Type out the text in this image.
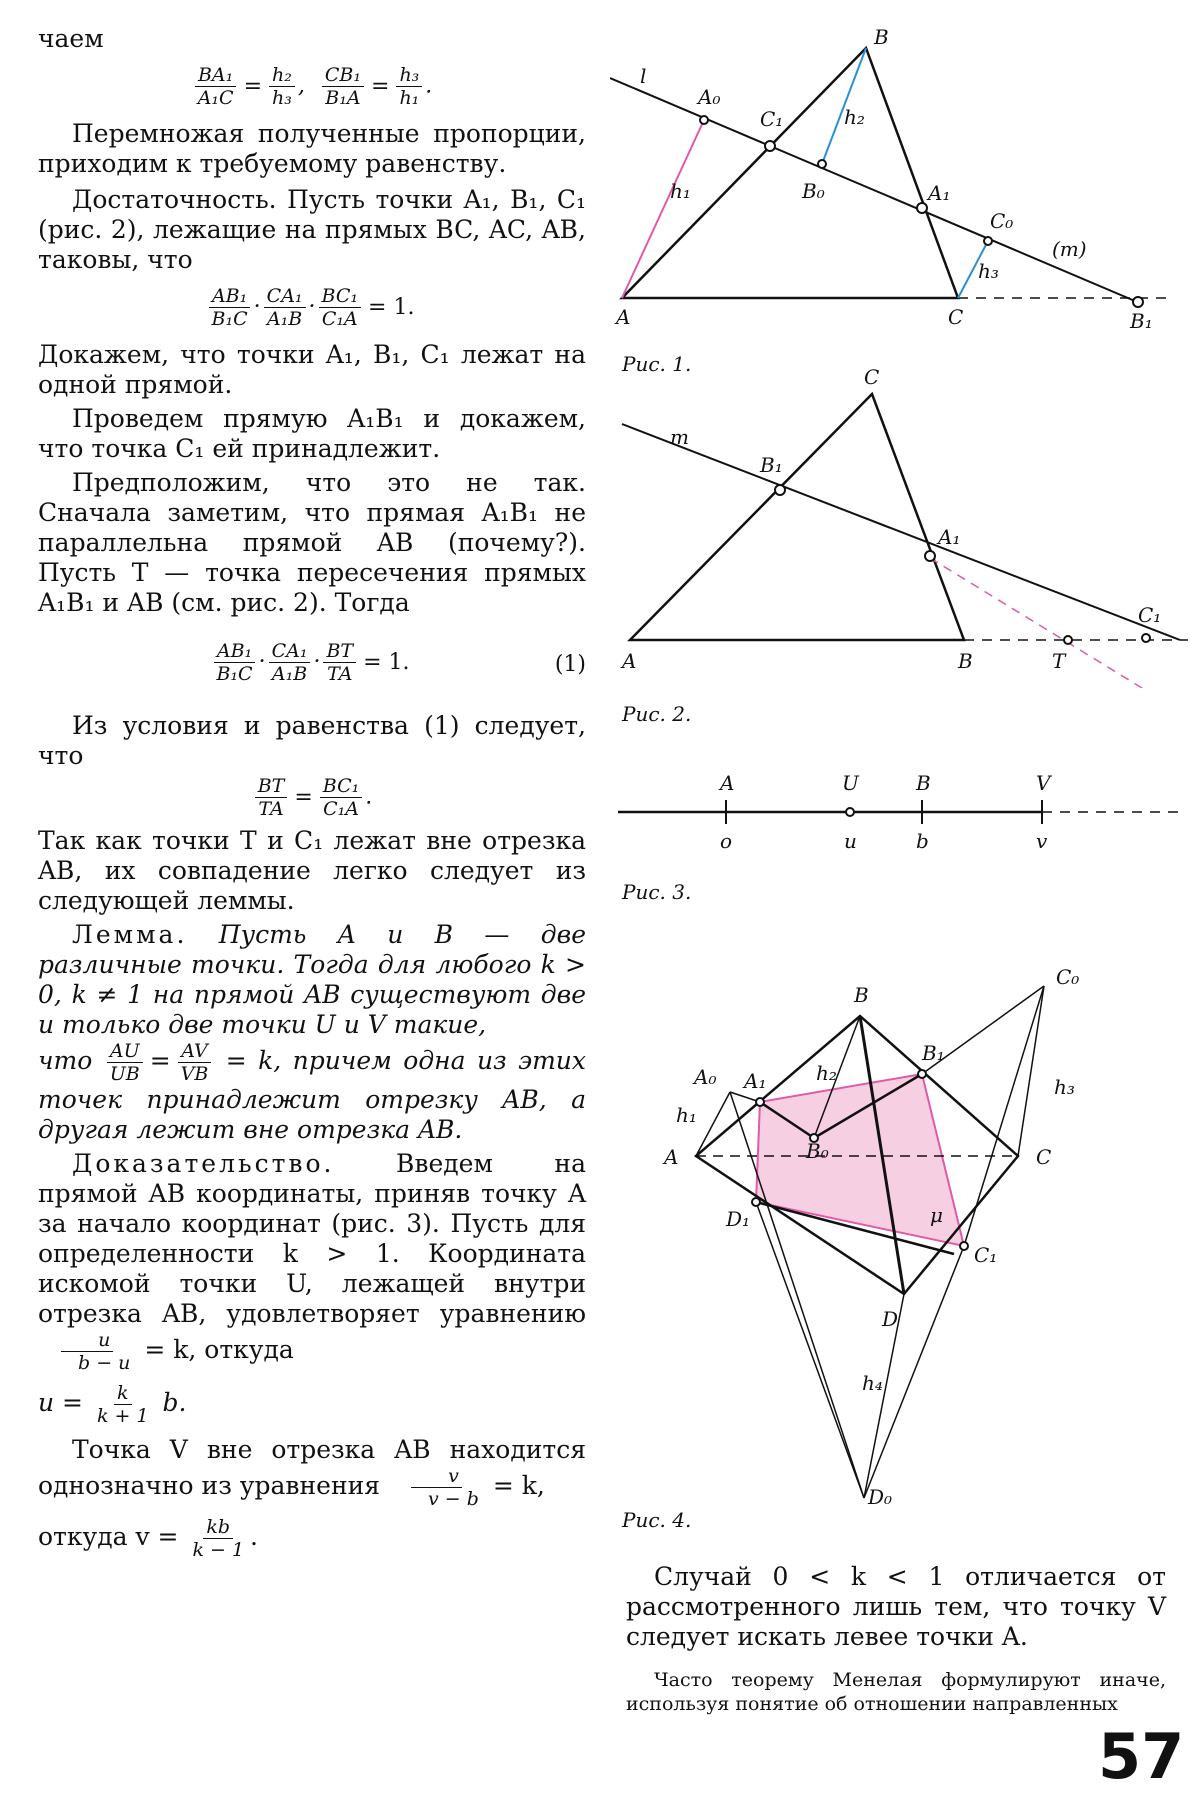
чаем

$\frac{\text{BA₁}}{\text{A₁C}} = \frac{\text{h₂}}{\text{h₃}}$ , $\frac{\text{CB₁}}{\text{B₁A}} = \frac{\text{h₃}}{\text{h₁}}$ .

Перемножая полученные пропорции, приходим к требуемому равенству.

Достаточность. Пусть точки A₁, B₁, C₁ (рис. 2), лежащие на прямых BC, AC, AB, таковы, что

$\frac{\text{AB₁}}{\text{B₁C}} \cdot \frac{\text{CA₁}}{\text{A₁B}} \cdot \frac{\text{BC₁}}{\text{C₁A}} = 1$.

Докажем, что точки A₁, B₁, C₁ лежат на одной прямой.

Проведем прямую A₁B₁ и докажем, что точка C₁ ей принадлежит.

Предположим, что это не так. Сначала заметим, что прямая A₁B₁ не параллельна прямой AB (почему?). Пусть T — точка пересечения прямых A₁B₁ и AB (см. рис. 2). Тогда

$\frac{\text{AB₁}}{\text{B₁C}} \cdot \frac{\text{CA₁}}{\text{A₁B}} \cdot \frac{BT}{TA} = 1$.	(1)

Из условия и равенства (1) следует, что

$\frac{BT}{TA} = \frac{\text{BC₁}}{\text{C₁A}}$ .

Так как точки T и C₁ лежат вне отрезка AB, их совпадение легко следует из следующей леммы.

Лемма. Пусть A и B — две различные точки. Тогда для любого k > 0, k ≠ 1 на прямой AB существуют две и только две точки U и V такие,

что $\frac{AU}{UB} = \frac{AV}{VB} = k$, причем одна из этих точек принадлежит отрезку AB, а другая лежит вне отрезка AB.

Доказательство. Введем на прямой AB координаты, приняв точку A за начало координат (рис. 3). Пусть для определенности k > 1. Координата искомой точки U, лежащей внутри отрезка AB, удовлетворяет уравнению
$\frac{u}{b - u} = k$, откуда

$u = \frac{k}{k + 1} b$.

Точка V вне отрезка AB находится однозначно из уравнения $\frac{v}{v - b} = k$,

откуда $v = \frac{kb}{k - 1}$ .

l
A₀
C₁
B
h₂
h₁	B₀	A₁
C₀
(m)
h₃
A	C	B₁
Рис. 1.
C
m
B₁
A₁
C₁
A	B	T
Рис. 2.
A	U	B	V
o	u	b	v
Рис. 3.
B
C₀
A₀ A₁ h₂
B₁
h₃
h₁
A	B₀	C
D₁	μ
C₁
D
h₄
D₀
Рис. 4.

Случай 0 < k < 1 отличается от рассмотренного лишь тем, что точку V следует искать левее точки A.

Часто теорему Менелая формулируют иначе, используя понятие об отношении направленных

57
